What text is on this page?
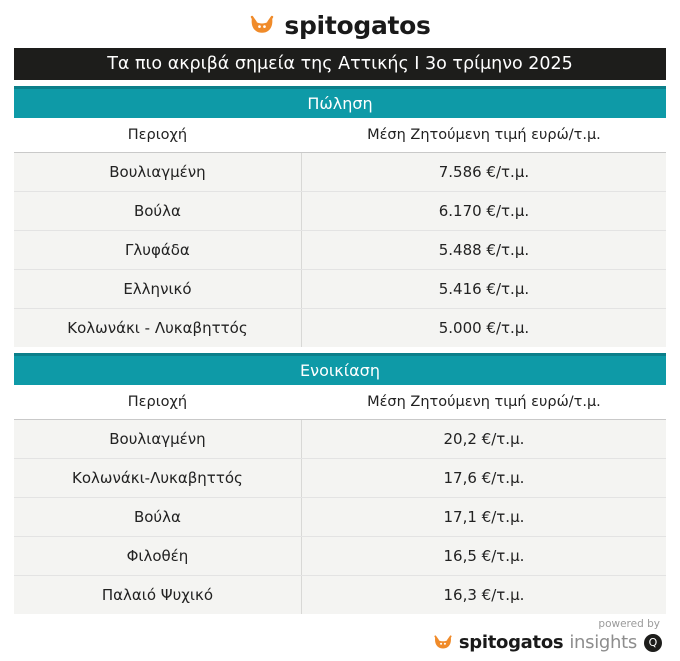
spitogatos
Τα πιο ακριβά σημεία της Αττικής Ι 3ο τρίμηνο 2025
Πώληση
Περιοχή	Μέση Ζητούμενη τιμή ευρώ/τ.μ.
Βουλιαγμένη	7.586 €/τ.μ.
Βούλα	6.170 €/τ.μ.
Γλυφάδα	5.488 €/τ.μ.
Ελληνικό	5.416 €/τ.μ.
Κολωνάκι - Λυκαβηττός	5.000 €/τ.μ.
Ενοικίαση
Περιοχή	Μέση Ζητούμενη τιμή ευρώ/τ.μ.
Βουλιαγμένη	20,2 €/τ.μ.
Κολωνάκι-Λυκαβηττός	17,6 €/τ.μ.
Βούλα	17,1 €/τ.μ.
Φιλοθέη	16,5 €/τ.μ.
Παλαιό Ψυχικό	16,3 €/τ.μ.
powered by
spitogatos insights	Q
